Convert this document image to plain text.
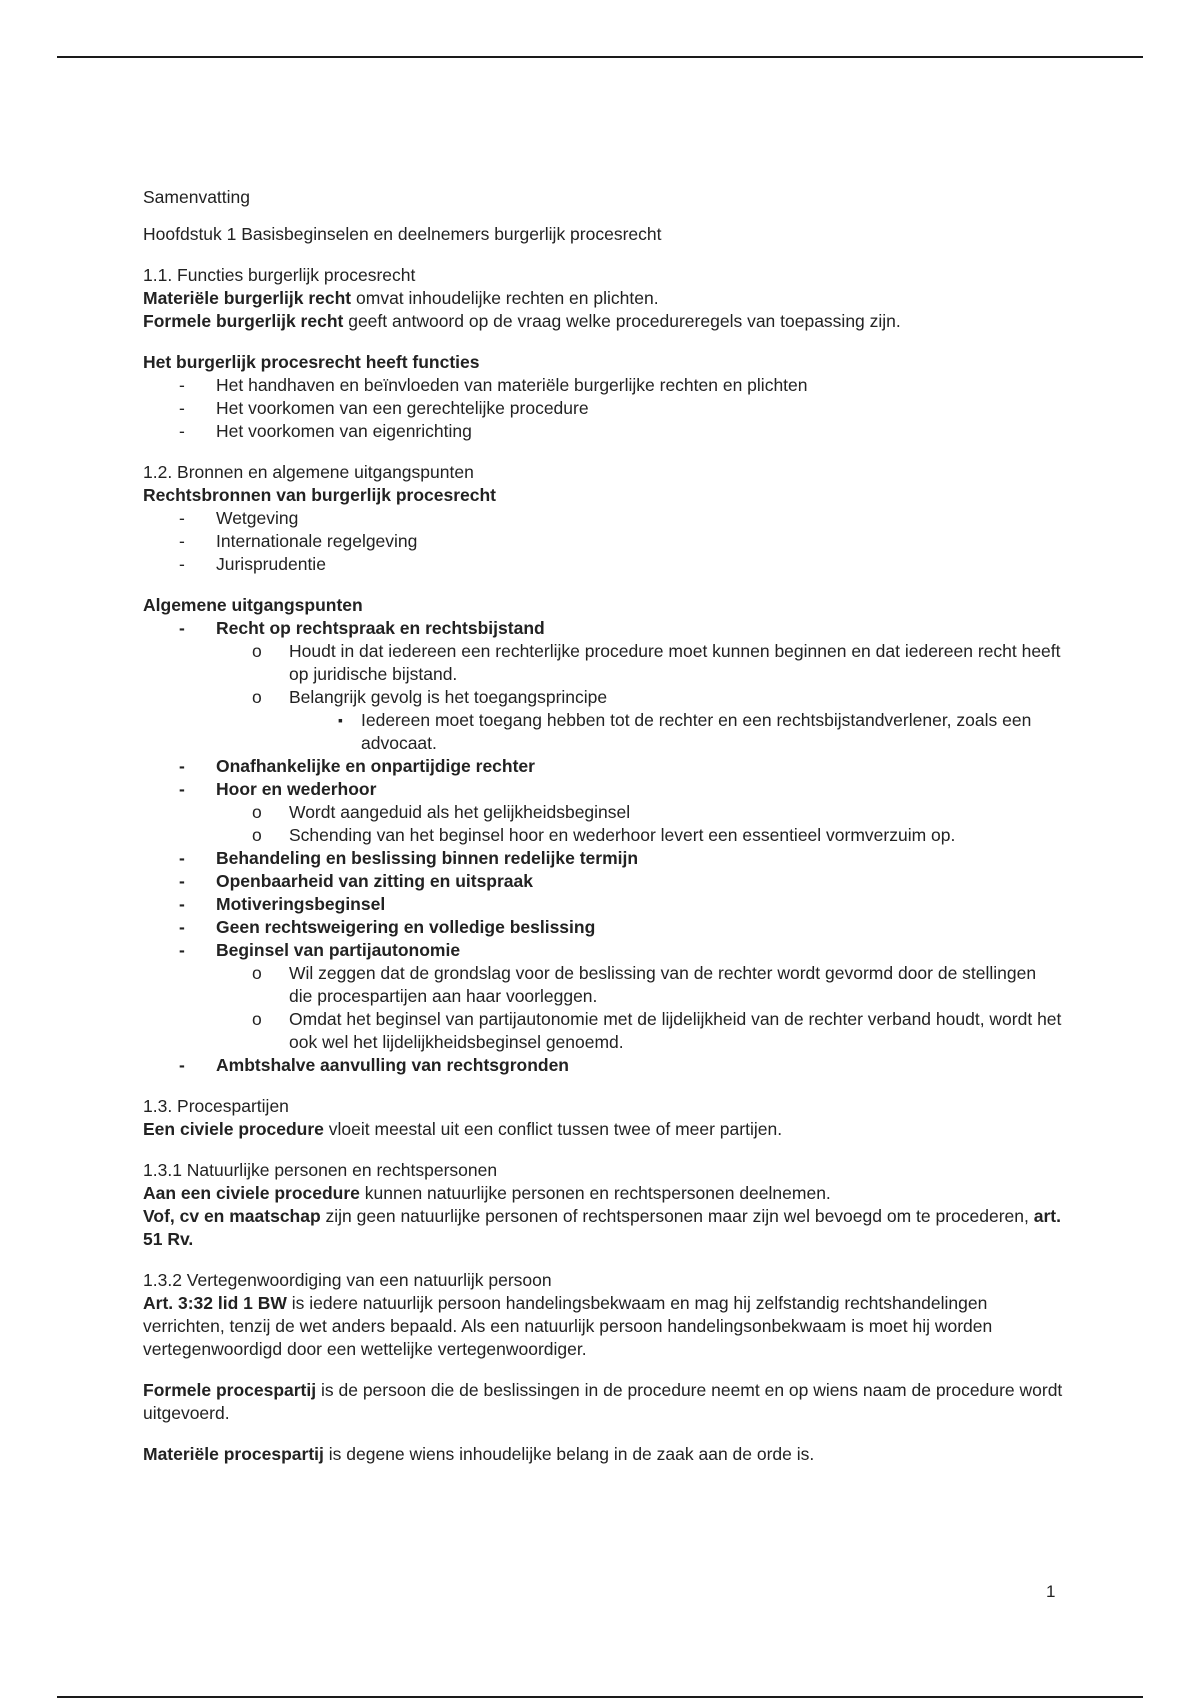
Samenvatting

Hoofdstuk 1 Basisbeginselen en deelnemers burgerlijk procesrecht

1.1. Functies burgerlijk procesrecht

Materiële burgerlijk recht omvat inhoudelijke rechten en plichten.

Formele burgerlijk recht geeft antwoord op de vraag welke procedureregels van toepassing zijn.

Het burgerlijk procesrecht heeft functies

- Het handhaven en beïnvloeden van materiële burgerlijke rechten en plichten
- Het voorkomen van een gerechtelijke procedure
- Het voorkomen van eigenrichting

1.2. Bronnen en algemene uitgangspunten

Rechtsbronnen van burgerlijk procesrecht

- Wetgeving
- Internationale regelgeving
- Jurisprudentie

Algemene uitgangspunten

- Recht op rechtspraak en rechtsbijstand
o Houdt in dat iedereen een rechterlijke procedure moet kunnen beginnen en dat iedereen recht heeft op juridische bijstand.
o Belangrijk gevolg is het toegangsprincipe
▪ Iedereen moet toegang hebben tot de rechter en een rechtsbijstandverlener, zoals een advocaat.
- Onafhankelijke en onpartijdige rechter
- Hoor en wederhoor
o Wordt aangeduid als het gelijkheidsbeginsel
o Schending van het beginsel hoor en wederhoor levert een essentieel vormverzuim op.
- Behandeling en beslissing binnen redelijke termijn
- Openbaarheid van zitting en uitspraak
- Motiveringsbeginsel
- Geen rechtsweigering en volledige beslissing
- Beginsel van partijautonomie
o Wil zeggen dat de grondslag voor de beslissing van de rechter wordt gevormd door de stellingen die procespartijen aan haar voorleggen.
o Omdat het beginsel van partijautonomie met de lijdelijkheid van de rechter verband houdt, wordt het ook wel het lijdelijkheidsbeginsel genoemd.
- Ambtshalve aanvulling van rechtsgronden

1.3. Procespartijen

Een civiele procedure vloeit meestal uit een conflict tussen twee of meer partijen.

1.3.1 Natuurlijke personen en rechtspersonen

Aan een civiele procedure kunnen natuurlijke personen en rechtspersonen deelnemen.

Vof, cv en maatschap zijn geen natuurlijke personen of rechtspersonen maar zijn wel bevoegd om te procederen, art. 51 Rv.

1.3.2 Vertegenwoordiging van een natuurlijk persoon

Art. 3:32 lid 1 BW is iedere natuurlijk persoon handelingsbekwaam en mag hij zelfstandig rechtshandelingen verrichten, tenzij de wet anders bepaald. Als een natuurlijk persoon handelingsonbekwaam is moet hij worden vertegenwoordigd door een wettelijke vertegenwoordiger.

Formele procespartij is de persoon die de beslissingen in de procedure neemt en op wiens naam de procedure wordt uitgevoerd.

Materiële procespartij is degene wiens inhoudelijke belang in de zaak aan de orde is.

1
